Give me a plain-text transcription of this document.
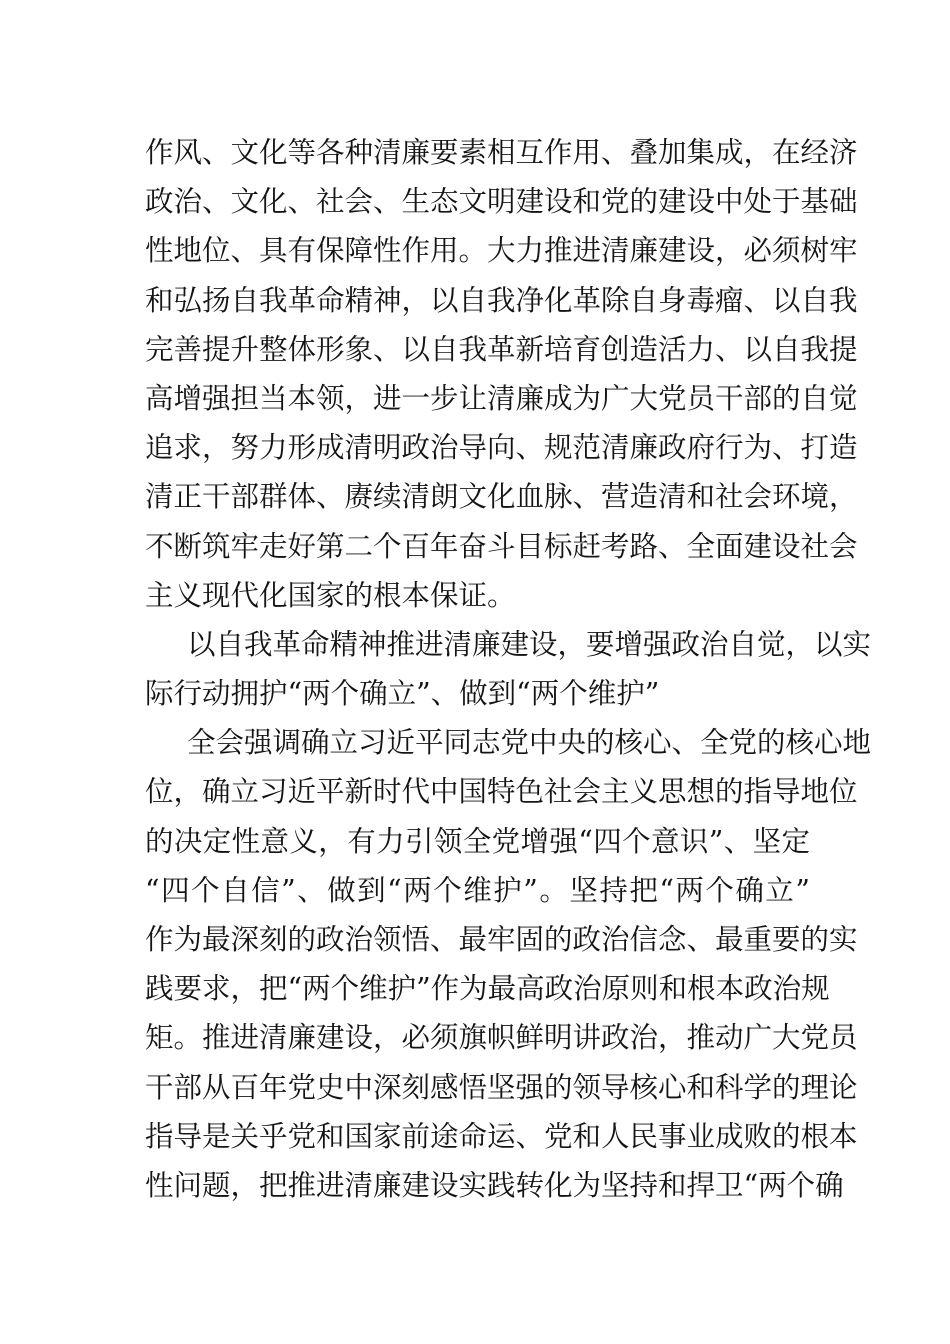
作风、文化等各种清廉要素相互作用、叠加集成，在经济
政治、文化、社会、生态文明建设和党的建设中处于基础
性地位、具有保障性作用。大力推进清廉建设，必须树牢
和弘扬自我革命精神，以自我净化革除自身毒瘤、以自我
完善提升整体形象、以自我革新培育创造活力、以自我提
高增强担当本领，进一步让清廉成为广大党员干部的自觉
追求，努力形成清明政治导向、规范清廉政府行为、打造
清正干部群体、赓续清朗文化血脉、营造清和社会环境，
不断筑牢走好第二个百年奋斗目标赶考路、全面建设社会
主义现代化国家的根本保证。
以自我革命精神推进清廉建设，要增强政治自觉，以实
际行动拥护“两个确立”、做到“两个维护”
全会强调确立习近平同志党中央的核心、全党的核心地
位，确立习近平新时代中国特色社会主义思想的指导地位
的决定性意义，有力引领全党增强“四个意识”、坚定
“四个自信”、做到“两个维护”。坚持把“两个确立”
作为最深刻的政治领悟、最牢固的政治信念、最重要的实
践要求，把“两个维护”作为最高政治原则和根本政治规
矩。推进清廉建设，必须旗帜鲜明讲政治，推动广大党员
干部从百年党史中深刻感悟坚强的领导核心和科学的理论
指导是关乎党和国家前途命运、党和人民事业成败的根本
性问题，把推进清廉建设实践转化为坚持和捍卫“两个确
